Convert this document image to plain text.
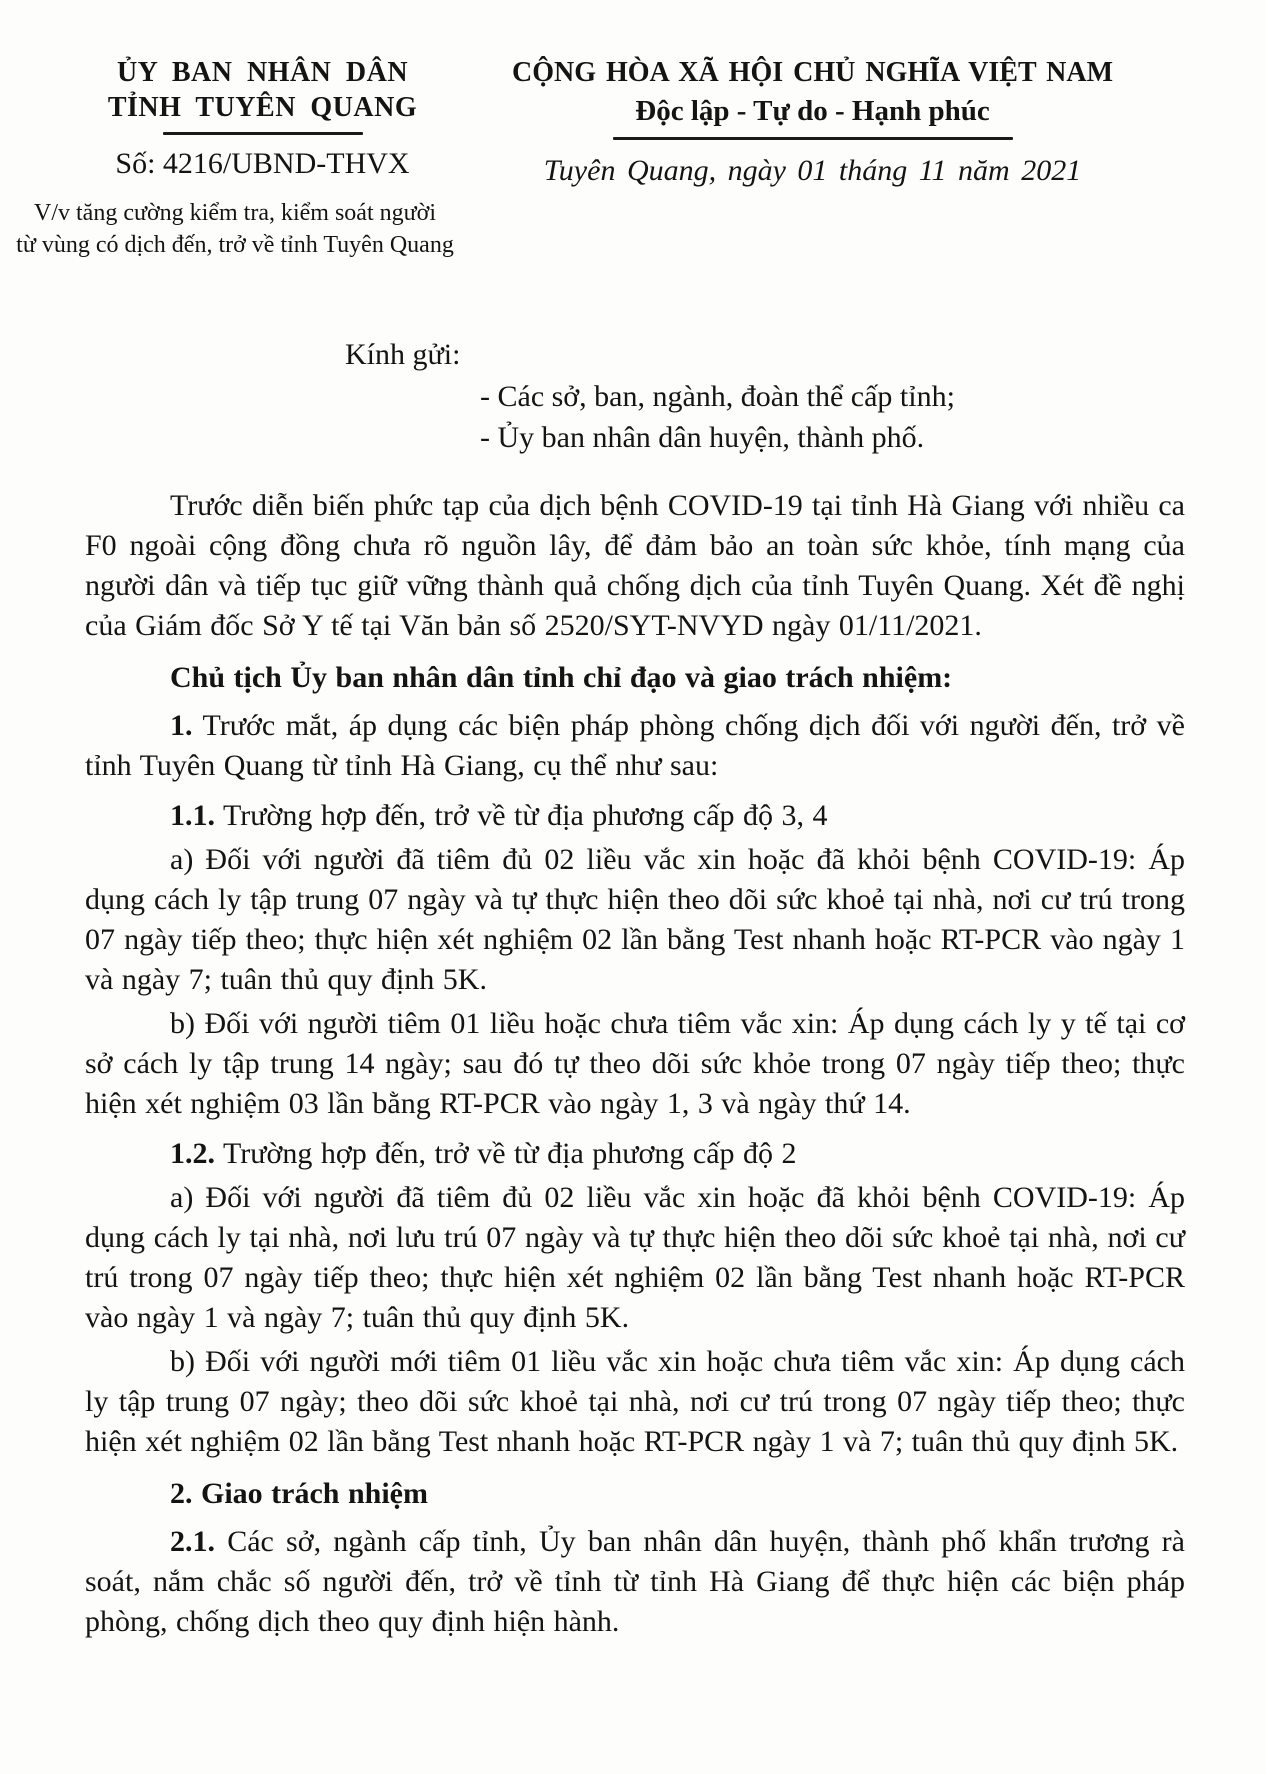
ỦY BAN NHÂN DÂN
TỈNH TUYÊN QUANG
Số: 4216/UBND-THVX
V/v tăng cường kiểm tra, kiểm soát người
từ vùng có dịch đến, trở về tỉnh Tuyên Quang
CỘNG HÒA XÃ HỘI CHỦ NGHĨA VIỆT NAM
Độc lập - Tự do - Hạnh phúc
Tuyên Quang, ngày 01 tháng 11 năm 2021
Kính gửi:
- Các sở, ban, ngành, đoàn thể cấp tỉnh;
- Ủy ban nhân dân huyện, thành phố.

Trước diễn biến phức tạp của dịch bệnh COVID-19 tại tỉnh Hà Giang với nhiều ca F0 ngoài cộng đồng chưa rõ nguồn lây, để đảm bảo an toàn sức khỏe, tính mạng của người dân và tiếp tục giữ vững thành quả chống dịch của tỉnh Tuyên Quang. Xét đề nghị của Giám đốc Sở Y tế tại Văn bản số 2520/SYT-NVYD ngày 01/11/2021.

Chủ tịch Ủy ban nhân dân tỉnh chỉ đạo và giao trách nhiệm:

1. Trước mắt, áp dụng các biện pháp phòng chống dịch đối với người đến, trở về tỉnh Tuyên Quang từ tỉnh Hà Giang, cụ thể như sau:

1.1. Trường hợp đến, trở về từ địa phương cấp độ 3, 4

a) Đối với người đã tiêm đủ 02 liều vắc xin hoặc đã khỏi bệnh COVID-19: Áp dụng cách ly tập trung 07 ngày và tự thực hiện theo dõi sức khoẻ tại nhà, nơi cư trú trong 07 ngày tiếp theo; thực hiện xét nghiệm 02 lần bằng Test nhanh hoặc RT-PCR vào ngày 1 và ngày 7; tuân thủ quy định 5K.

b) Đối với người tiêm 01 liều hoặc chưa tiêm vắc xin: Áp dụng cách ly y tế tại cơ sở cách ly tập trung 14 ngày; sau đó tự theo dõi sức khỏe trong 07 ngày tiếp theo; thực hiện xét nghiệm 03 lần bằng RT-PCR vào ngày 1, 3 và ngày thứ 14.

1.2. Trường hợp đến, trở về từ địa phương cấp độ 2

a) Đối với người đã tiêm đủ 02 liều vắc xin hoặc đã khỏi bệnh COVID-19: Áp dụng cách ly tại nhà, nơi lưu trú 07 ngày và tự thực hiện theo dõi sức khoẻ tại nhà, nơi cư trú trong 07 ngày tiếp theo; thực hiện xét nghiệm 02 lần bằng Test nhanh hoặc RT-PCR vào ngày 1 và ngày 7; tuân thủ quy định 5K.

b) Đối với người mới tiêm 01 liều vắc xin hoặc chưa tiêm vắc xin: Áp dụng cách ly tập trung 07 ngày; theo dõi sức khoẻ tại nhà, nơi cư trú trong 07 ngày tiếp theo; thực hiện xét nghiệm 02 lần bằng Test nhanh hoặc RT-PCR ngày 1 và 7; tuân thủ quy định 5K.

2. Giao trách nhiệm

2.1. Các sở, ngành cấp tỉnh, Ủy ban nhân dân huyện, thành phố khẩn trương rà soát, nắm chắc số người đến, trở về tỉnh từ tỉnh Hà Giang để thực hiện các biện pháp phòng, chống dịch theo quy định hiện hành.
